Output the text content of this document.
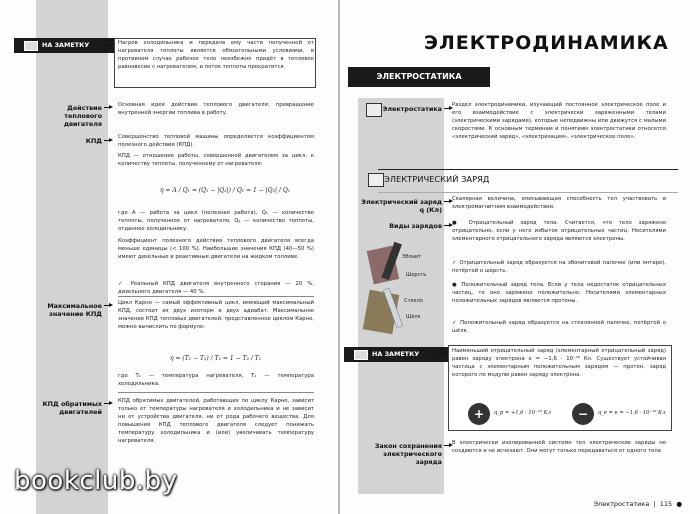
НА ЗАМЕТКУ	Нагрев холодильника и передача ему части полученной от нагревателя теплоты является обязательными условиями, в противном случае рабочее тело неизбежно придёт в тепловое равновесие с нагревателем, и поток теплоты прекратится.
Действие теплового двигателя
Основная идея действия теплового двигателя: превращение внутренней энергии топлива в работу.
КПД	Совершенство тепловой машины определяется коэффициентом полезного действия (КПД).
КПД — отношение работы, совершенной двигателем за цикл, к количеству теплоты, полученному от нагревателя:
η = A / Q₁ = (Q₁ − |Q₂|) / Q₁ = 1 − |Q₂| / Q₁
где A — работа за цикл (полезная работа), Q₁ — количество теплоты, полученное от нагревателя, Q₂ — количество теплоты, отданное холодильнику.
Коэффициент полезного действия теплового двигателя всегда меньше единицы (< 100 %). Наибольшие значения КПД (40—50 %) имеют дизельные и реактивные двигатели на жидком топливе.
✓ Реальный КПД двигателя внутреннего сгорания — 20 %, дизельного двигателя — 40 %.
Максимальное значение КПД
Цикл Карно — самый эффективный цикл, имеющий максимальный КПД, состоит из двух изотерм и двух адиабат. Максимальное значение КПД тепловых двигателей, представленное циклом Карно, можно вычислить по формуле:
η = (T₁ − T₂) / T₁ = 1 − T₂ / T₁
где T₁ — температура нагревателя, T₂ — температура холодильника.
КПД обратимых двигателей
КПД обратимых двигателей, работающих по циклу Карно, зависит только от температуры нагревателя и холодильника и не зависит ни от устройства двигателя, ни от рода рабочего вещества. Для повышения КПД теплового двигателя следует понижать температуру холодильника и (или) увеличивать температуру нагревателя.
ЭЛЕКТРОДИНАМИКА
ЭЛЕКТРОСТАТИКА
Электростатика Раздел электродинамики, изучающий постоянное электрическое поле и его взаимодействие с электрически заряженными телами (электрическими зарядами), которые неподвижны или движутся с малыми скоростями. К основным терминам и понятиям электростатики относятся «электрический заряд», «электризация», «электрическое поле».
ЭЛЕКТРИЧЕСКИЙ ЗАРЯД
Электрический заряд q (Кл)
Скалярная величина, описывающая способность тел участвовать в электромагнитном взаимодействии.
Виды зарядов ● Отрицательный заряд тела. Считается, что тело заряжено отрицательно, если у него избыток отрицательных частиц. Носителями элементарного отрицательного заряда являются электроны.
✓ Отрицательный заряд образуется на эбонитовой палочке (или янтаре), потёртой о шерсть.
● Положительный заряд тела. Если у тела недостаток отрицательных частиц, то оно заряжено положительно. Носителями элементарных положительных зарядов являются протоны.
✓ Положительный заряд образуется на стеклянной палочке, потёртой о шёлк.
Эбонит
Шерсть
Стекло
Шёлк
НА ЗАМЕТКУ	Наименьший отрицательный заряд (элементарный отрицательный заряд) равен заряду электрона e = −1,6 · 10⁻¹⁹ Кл. Существует устойчивая частица с элементарным положительным зарядом — протон, заряд которого по модулю равен заряду электрона.
+	q_p = +1,6 · 10⁻¹⁹ Кл	−	q_e = e = −1,6 · 10⁻¹⁹ Кл
Закон сохранения электрического заряда
В электрически изолированной системе тел электрические заряды не создаются и не исчезают. Они могут только передаваться от одного тела
Электростатика  |  115 ●
bookclub.by
